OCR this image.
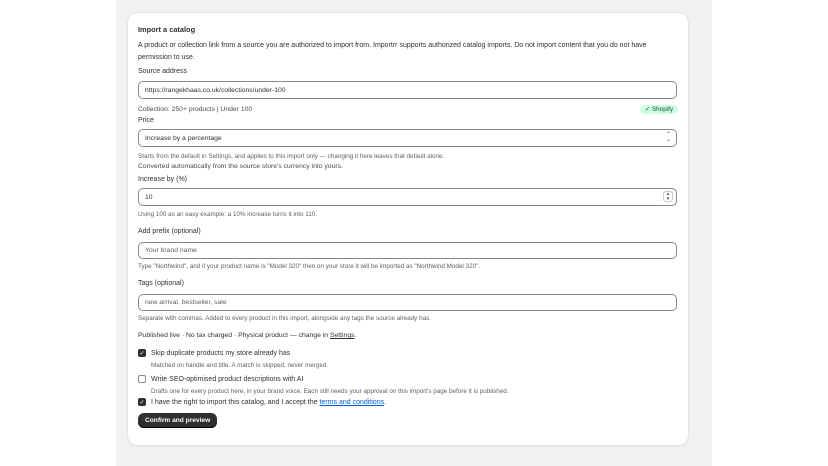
Import a catalog
A product or collection link from a source you are authorized to import from. Importrr supports authorized catalog imports. Do not import content that you do not have permission to use.
Source address
https://rangekhaas.co.uk/collections/under-100
Collection: 250+ products | Under 100	✓ Shopify
Price
Increase by a percentage	⌃
⌄
Starts from the default in Settings, and applies to this import only — changing it here leaves that default alone.
Converted automatically from the source store's currency into yours.
Increase by (%)
10	▴
▾
Using 100 as an easy example: a 10% increase turns it into 110.
Add prefix (optional)
Your brand name
Type "Northwind", and if your product name is "Model 320" then on your store it will be imported as "Northwind Model 320".
Tags (optional)
new arrival, bestseller, sale
Separate with commas. Added to every product in this import, alongside any tags the source already has.
Published live · No tax charged · Physical product — change in Settings.
✓ Skip duplicate products my store already has
Matched on handle and title. A match is skipped, never merged.
Write SEO-optimised product descriptions with AI
Drafts one for every product here, in your brand voice. Each still needs your approval on this import's page before it is published.
✓ I have the right to import this catalog, and I accept the terms and conditions.
Confirm and preview
